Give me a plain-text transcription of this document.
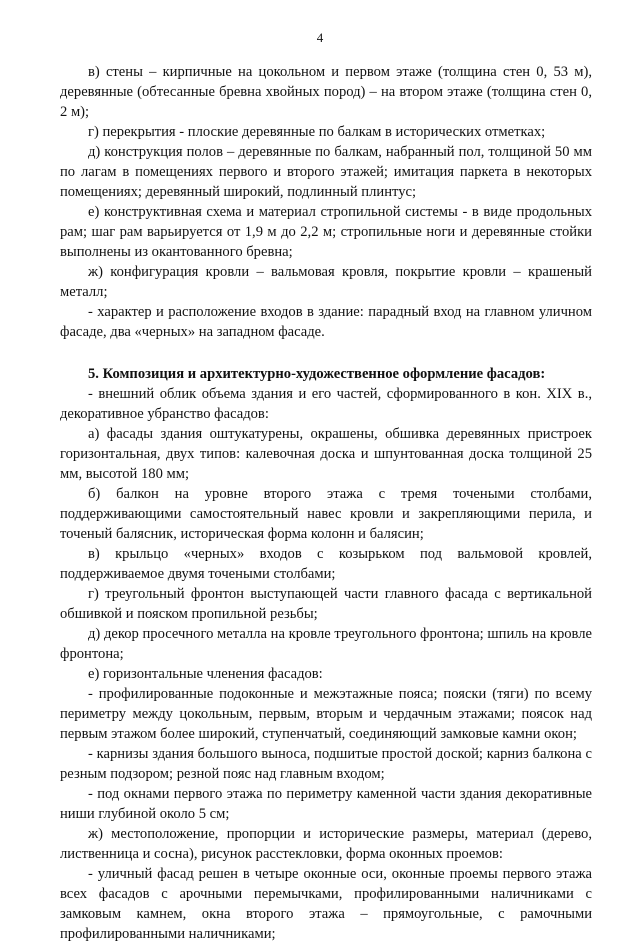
4

в) стены – кирпичные на цокольном и первом этаже (толщина стен 0, 53 м), деревянные (обтесанные бревна хвойных пород) – на втором этаже (толщина стен 0, 2 м);

г) перекрытия - плоские деревянные по балкам в исторических отметках;

д) конструкция полов – деревянные по балкам, набранный пол, толщиной 50 мм по лагам в помещениях первого и второго этажей; имитация паркета в некоторых помещениях; деревянный широкий, подлинный плинтус;

е) конструктивная схема и материал стропильной системы - в виде продольных рам; шаг рам варьируется от 1,9 м до 2,2 м; стропильные ноги и деревянные стойки выполнены из окантованного бревна;

ж) конфигурация кровли – вальмовая кровля, покрытие кровли – крашеный металл;

- характер и расположение входов в здание: парадный вход на главном уличном фасаде, два «черных» на западном фасаде.

5. Композиция и архитектурно-художественное оформление фасадов:

- внешний облик объема здания и его частей, сформированного в кон. XIX в., декоративное убранство фасадов:

а) фасады здания оштукатурены, окрашены, обшивка деревянных пристроек горизонтальная, двух типов: калевочная доска и шпунтованная доска толщиной 25 мм, высотой 180 мм;

б) балкон на уровне второго этажа с тремя точеными столбами, поддерживающими самостоятельный навес кровли и закрепляющими перила, и точеный балясник, историческая форма колонн и балясин;

в) крыльцо «черных» входов с козырьком под вальмовой кровлей, поддерживаемое двумя точеными столбами;

г) треугольный фронтон выступающей части главного фасада с вертикальной обшивкой и пояском пропильной резьбы;

д) декор просечного металла на кровле треугольного фронтона; шпиль на кровле фронтона;

е) горизонтальные членения фасадов:

- профилированные подоконные и межэтажные пояса; пояски (тяги) по всему периметру между цокольным, первым, вторым и чердачным этажами; поясок над первым этажом более широкий, ступенчатый, соединяющий замковые камни окон;

- карнизы здания большого выноса, подшитые простой доской; карниз балкона с резным подзором; резной пояс над главным входом;

- под окнами первого этажа по периметру каменной части здания декоративные ниши глубиной около 5 см;

ж) местоположение, пропорции и исторические размеры, материал (дерево, лиственница и сосна), рисунок расстекловки, форма оконных проемов:

- уличный фасад решен в четыре оконные оси, оконные проемы первого этажа всех фасадов с арочными перемычками, профилированными наличниками с замковым камнем, окна второго этажа – прямоугольные, с рамочными профилированными наличниками;
